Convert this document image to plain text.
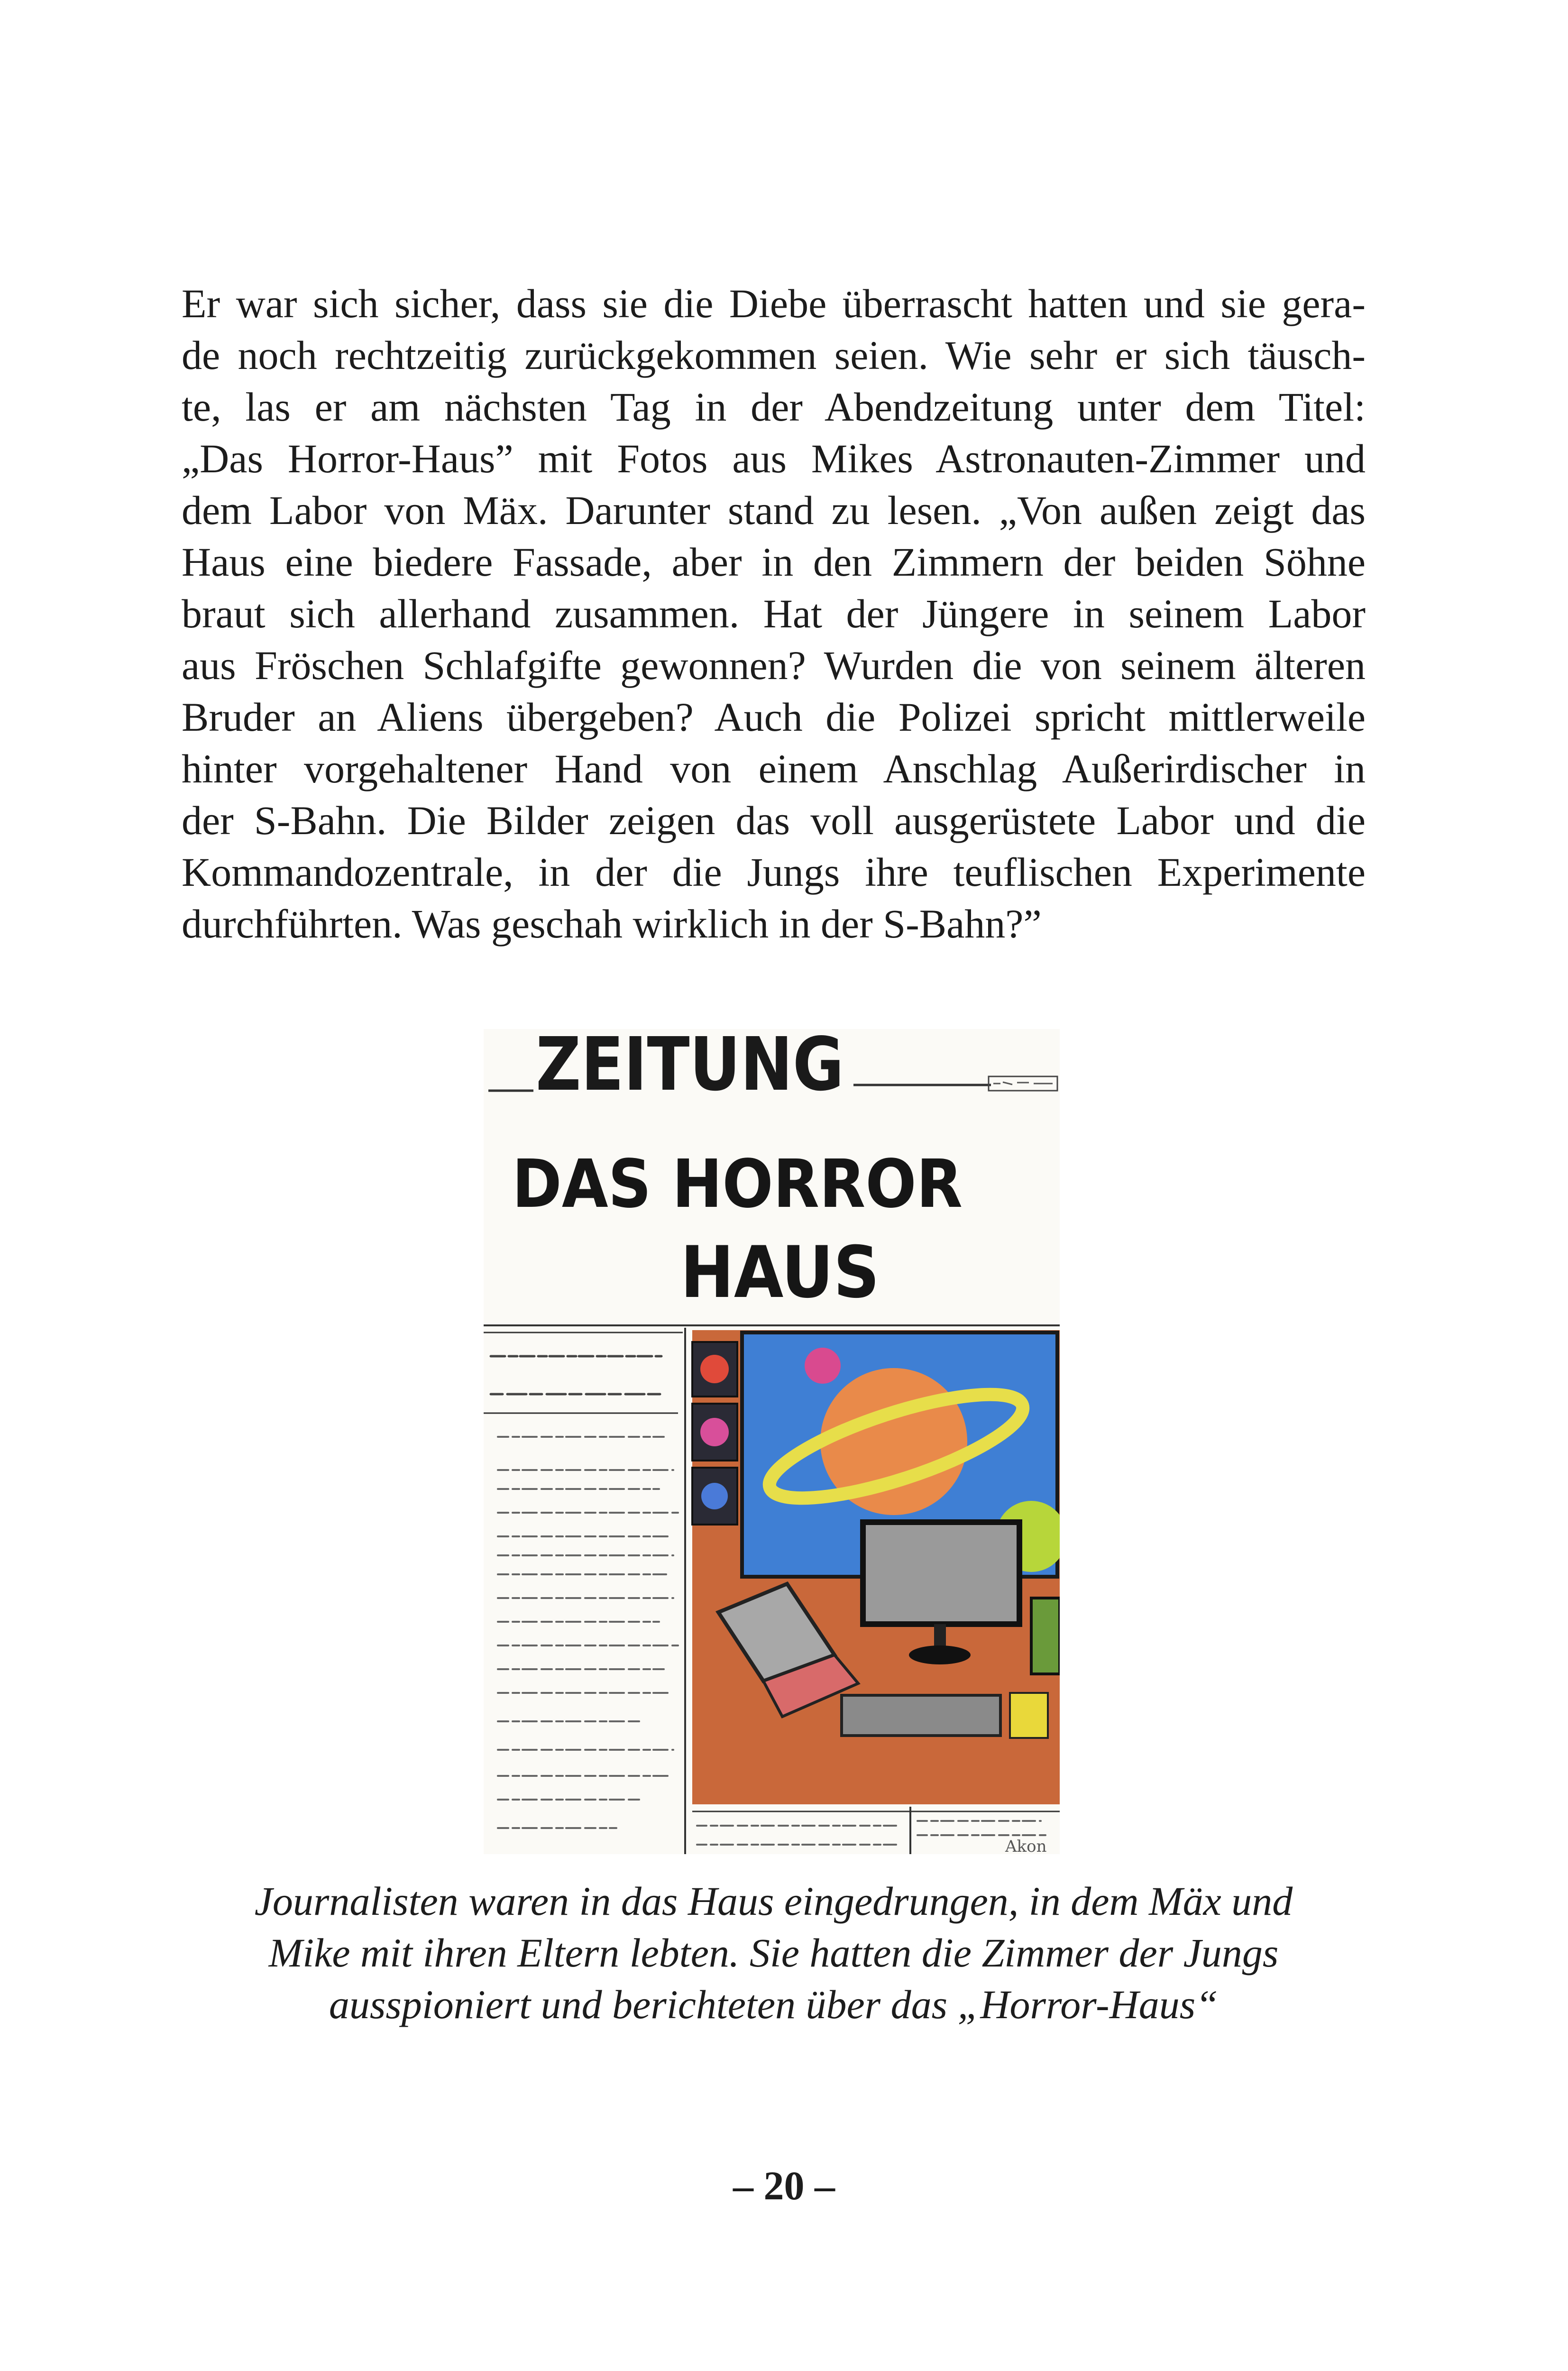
Er war sich sicher, dass sie die Diebe überrascht hatten und sie gera-
de noch rechtzeitig zurückgekommen seien. Wie sehr er sich täusch-
te, las er am nächsten Tag in der Abendzeitung unter dem Titel:
„Das Horror-Haus” mit Fotos aus Mikes Astronauten-Zimmer und
dem Labor von Mäx. Darunter stand zu lesen. „Von außen zeigt das
Haus eine biedere Fassade, aber in den Zimmern der beiden Söhne
braut sich allerhand zusammen. Hat der Jüngere in seinem Labor
aus Fröschen Schlafgifte gewonnen? Wurden die von seinem älteren
Bruder an Aliens übergeben? Auch die Polizei spricht mittlerweile
hinter vorgehaltener Hand von einem Anschlag Außerirdischer in
der S-Bahn. Die Bilder zeigen das voll ausgerüstete Labor und die
Kommandozentrale, in der die Jungs ihre teuflischen Experimente
durchführten. Was geschah wirklich in der S-Bahn?”
ZEITUNG
DAS HORROR
HAUS
Akon
Journalisten waren in das Haus eingedrungen, in dem Mäx und
Mike mit ihren Eltern lebten. Sie hatten die Zimmer der Jungs
ausspioniert und berichteten über das „Horror-Haus“
– 20 –
